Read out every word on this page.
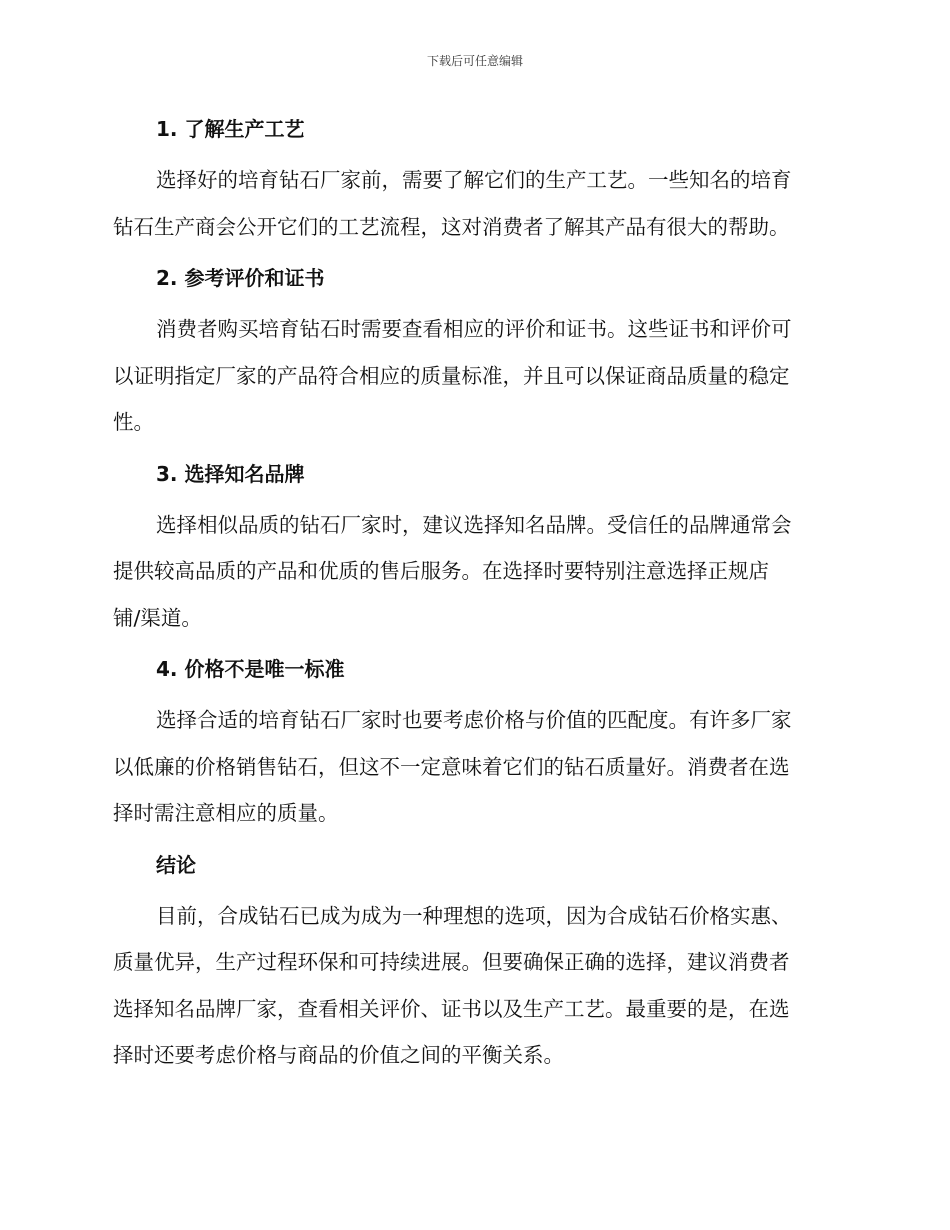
下载后可任意编辑
1. 了解生产工艺
选择好的培育钻石厂家前，需要了解它们的生产工艺。一些知名的培育
钻石生产商会公开它们的工艺流程，这对消费者了解其产品有很大的帮助。
2. 参考评价和证书
消费者购买培育钻石时需要查看相应的评价和证书。这些证书和评价可
以证明指定厂家的产品符合相应的质量标准，并且可以保证商品质量的稳定
性。
3. 选择知名品牌
选择相似品质的钻石厂家时，建议选择知名品牌。受信任的品牌通常会
提供较高品质的产品和优质的售后服务。在选择时要特别注意选择正规店
铺/渠道。
4. 价格不是唯一标准
选择合适的培育钻石厂家时也要考虑价格与价值的匹配度。有许多厂家
以低廉的价格销售钻石，但这不一定意味着它们的钻石质量好。消费者在选
择时需注意相应的质量。
结论
目前，合成钻石已成为成为一种理想的选项，因为合成钻石价格实惠、
质量优异，生产过程环保和可持续进展。但要确保正确的选择，建议消费者
选择知名品牌厂家，查看相关评价、证书以及生产工艺。最重要的是，在选
择时还要考虑价格与商品的价值之间的平衡关系。
